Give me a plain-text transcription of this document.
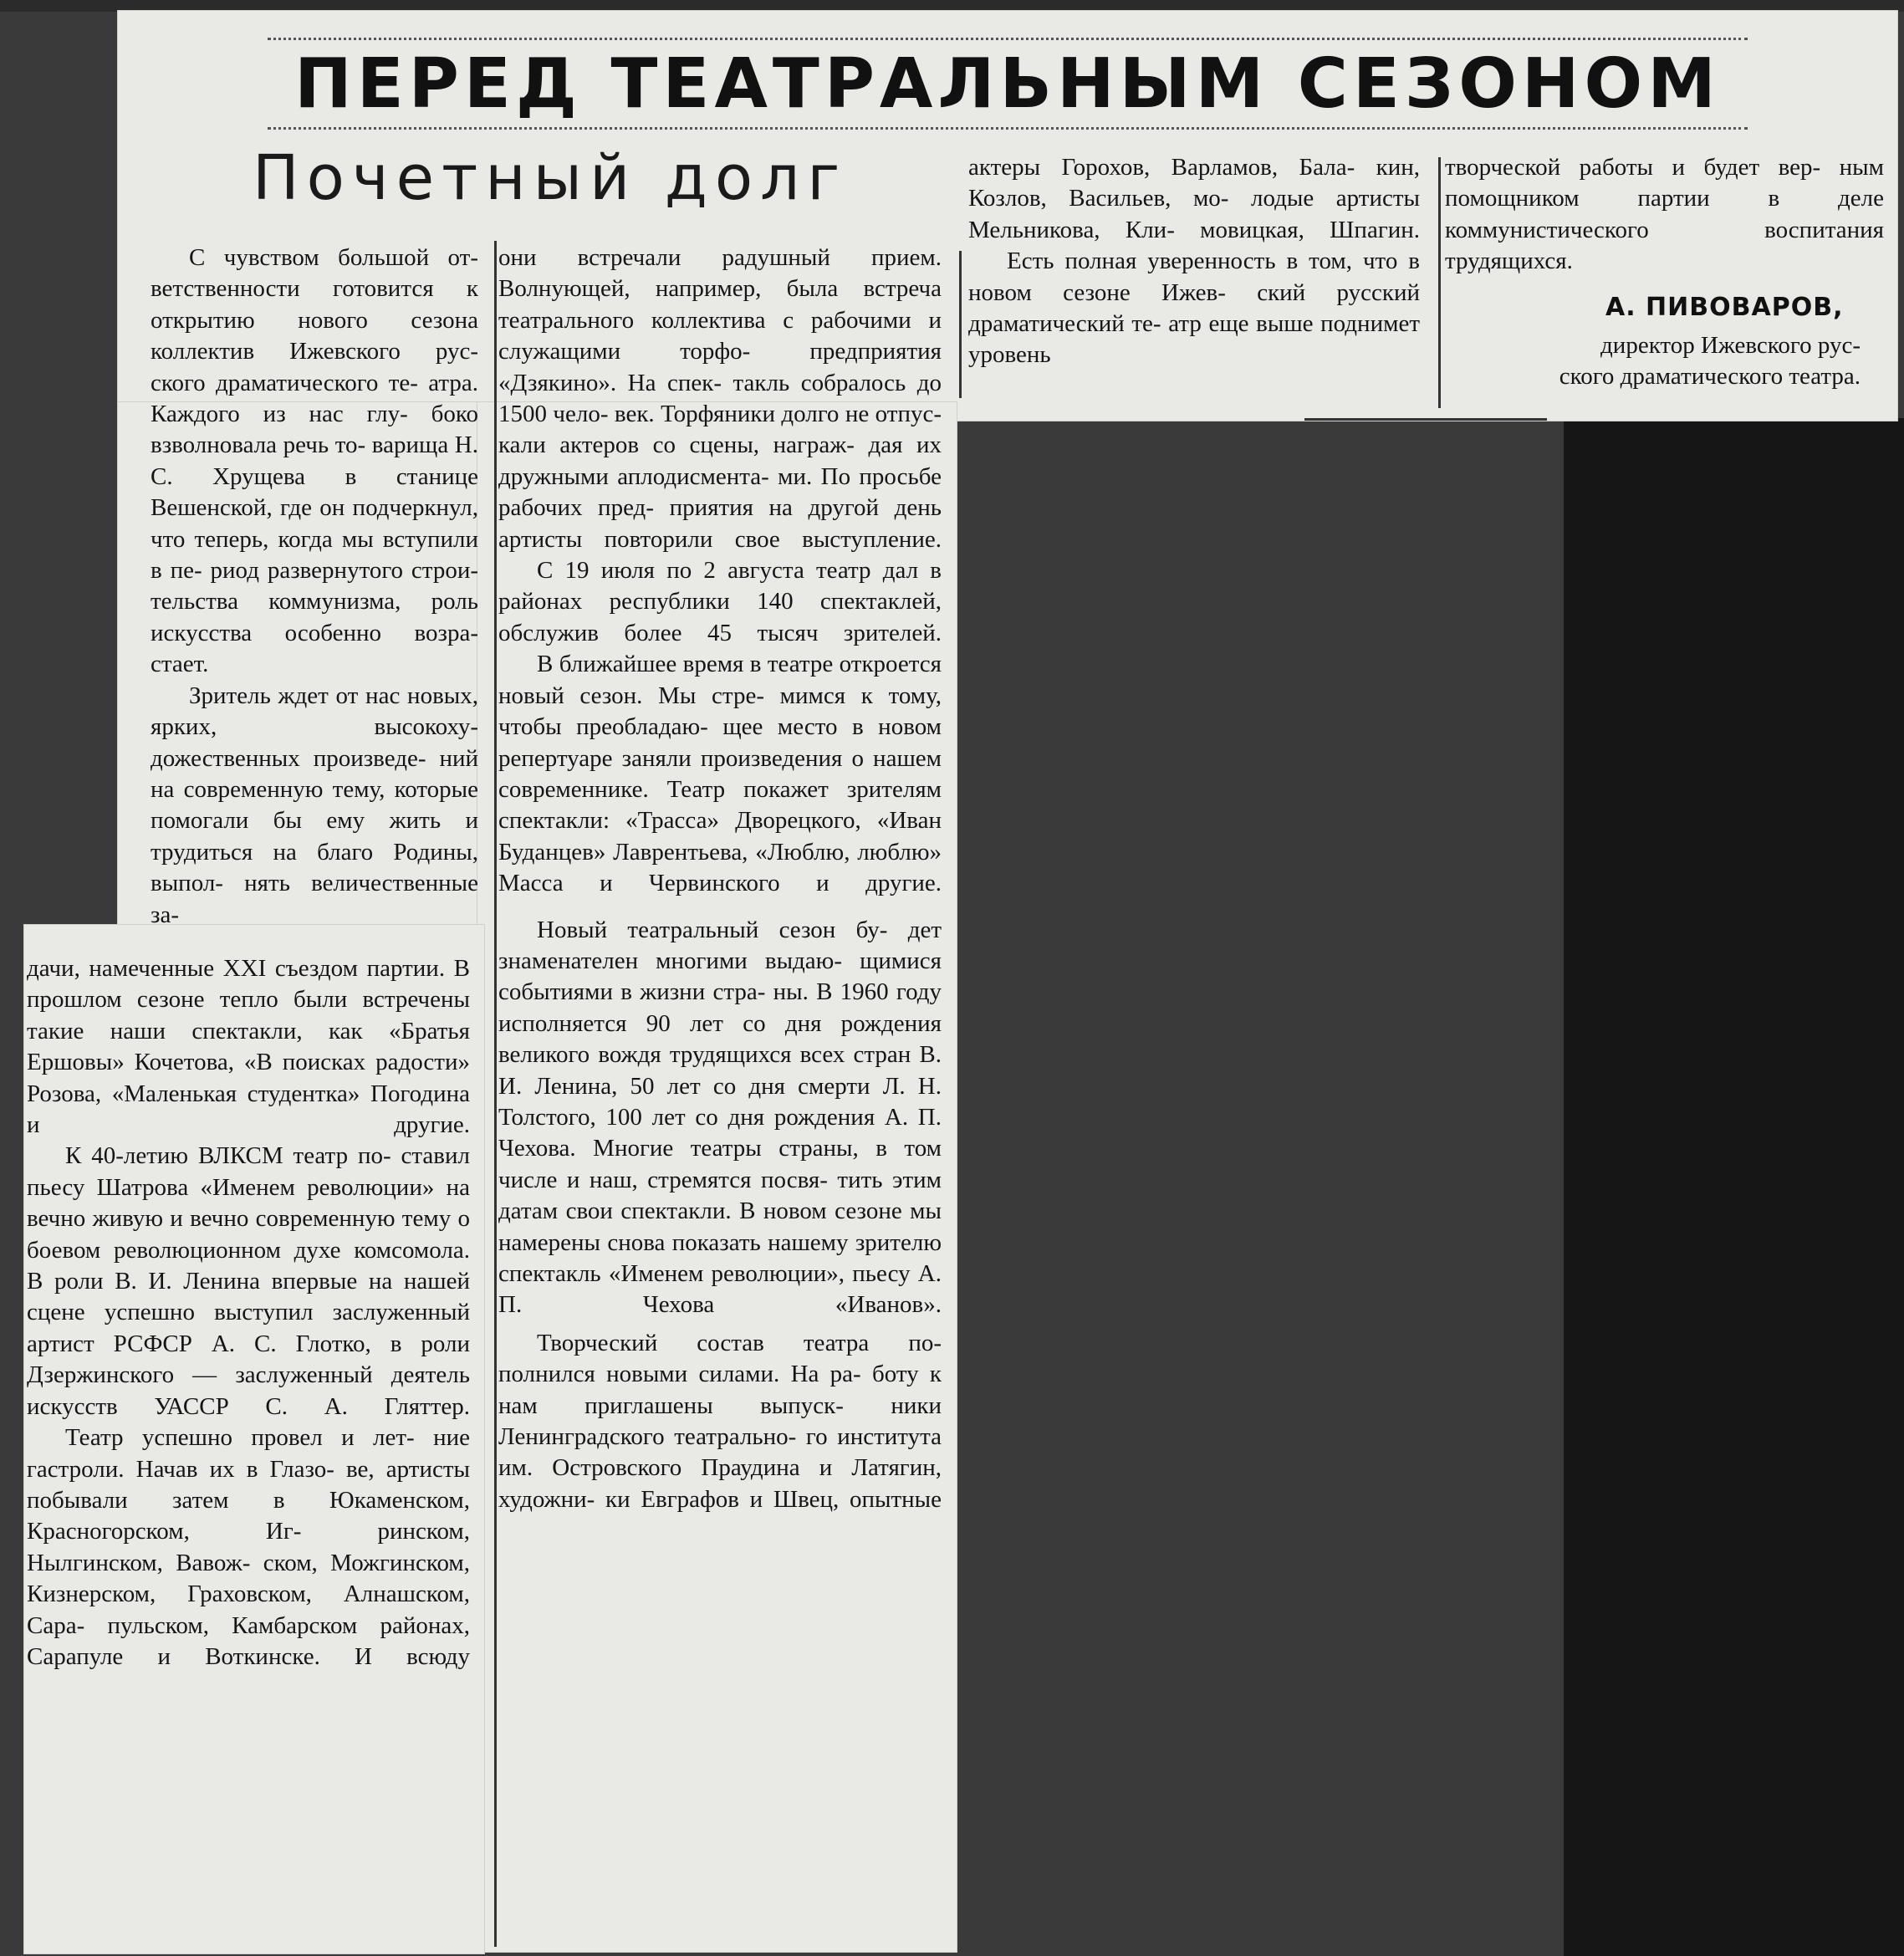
ПЕРЕД ТЕАТРАЛЬНЫМ СЕЗОНОМ
Почетный долг

С чувством большой от- ветственности готовится к открытию нового сезона коллектив Ижевского рус- ского драматического те- атра. Каждого из нас глу- боко взволновала речь то- варища Н. С. Хрущева в станице Вешенской, где он подчеркнул, что теперь, когда мы вступили в пе- риод развернутого строи- тельства коммунизма, роль искусства особенно возра- стает.

Зритель ждет от нас новых, ярких, высокоху- дожественных произведе- ний на современную тему, которые помогали бы ему жить и трудиться на благо Родины, выпол- нять величественные за-

дачи, намеченные XXI съездом партии. В прошлом сезоне тепло были встречены такие наши спектакли, как «Братья Ершовы» Кочетова, «В поисках радости» Розова, «Маленькая студентка» Погодина и другие.

К 40-летию ВЛКСМ театр по- ставил пьесу Шатрова «Именем революции» на вечно живую и вечно современную тему о боевом революционном духе комсомола. В роли В. И. Ленина впервые на нашей сцене успешно выступил заслуженный артист РСФСР А. С. Глотко, в роли Дзержинского — заслуженный деятель искусств УАССР С. А. Гляттер.

Театр успешно провел и лет- ние гастроли. Начав их в Глазо- ве, артисты побывали затем в Юкаменском, Красногорском, Иг-	ринском, Нылгинском, Вавож- ском, Можгинском, Кизнерском, Граховском, Алнашском, Сара- пульском, Камбарском районах, Сарапуле и Воткинске. И всюду

они встречали радушный прием. Волнующей, например, была встреча театрального коллектива с рабочими и служащими торфо- предприятия «Дзякино». На спек- такль собралось до 1500 чело- век. Торфяники долго не отпус- кали актеров со сцены, награж- дая их дружными аплодисмента- ми. По просьбе рабочих пред- приятия на другой день артисты повторили свое выступление.

С 19 июля по 2 августа театр дал в районах республики 140 спектаклей, обслужив более 45 тысяч зрителей.

В ближайшее время в театре откроется новый сезон. Мы стре- мимся к тому, чтобы преобладаю- щее место в новом репертуаре заняли произведения о нашем современнике. Театр покажет зрителям спектакли: «Трасса» Дворецкого, «Иван Буданцев» Лаврентьева, «Люблю, люблю» Масса и Червинского и другие.

Новый театральный сезон бу- дет знаменателен многими выдаю- щимися событиями в жизни стра- ны. В 1960 году исполняется 90 лет со дня рождения великого вождя трудящихся всех стран В. И. Ленина, 50 лет со дня смерти Л. Н. Толстого, 100 лет со дня рождения А. П. Чехова. Многие театры страны, в том числе и наш, стремятся посвя- тить этим датам свои спектакли. В новом сезоне мы намерены снова показать нашему зрителю спектакль «Именем революции», пьесу А. П. Чехова «Иванов».

Творческий состав театра по- полнился новыми силами. На ра- боту к нам приглашены выпуск- ники Ленинградского театрально- го института им. Островского Праудина и Латягин, художни- ки Евграфов и Швец, опытные

актеры Горохов, Варламов, Бала- кин, Козлов, Васильев, мо- лодые артисты Мельникова, Кли- мовицкая, Шпагин.

Есть полная уверенность в том, что в новом сезоне Ижев- ский русский драматический те- атр еще выше поднимет уровень

творческой работы и будет вер- ным помощником партии в деле коммунистического воспитания трудящихся.

А. ПИВОВАРОВ,

директор Ижевского рус-
ского драматического театра.
